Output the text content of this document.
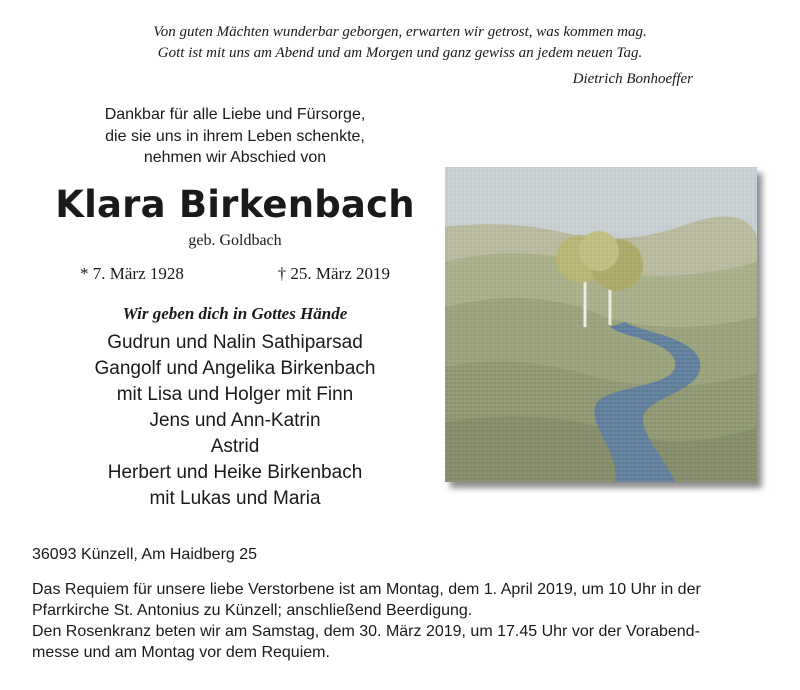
Von guten Mächten wunderbar geborgen, erwarten wir getrost, was kommen mag.
Gott ist mit uns am Abend und am Morgen und ganz gewiss an jedem neuen Tag.
Dietrich Bonhoeffer
Dankbar für alle Liebe und Fürsorge,
die sie uns in ihrem Leben schenkte,
nehmen wir Abschied von
Klara Birkenbach
geb. Goldbach
* 7. März 1928	† 25. März 2019
Wir geben dich in Gottes Hände
Gudrun und Nalin Sathiparsad
Gangolf und Angelika Birkenbach
mit Lisa und Holger mit Finn
Jens und Ann-Katrin
Astrid
Herbert und Heike Birkenbach
mit Lukas und Maria
36093 Künzell, Am Haidberg 25
Das Requiem für unsere liebe Verstorbene ist am Montag, dem 1. April 2019, um 10 Uhr in der
Pfarrkirche St. Antonius zu Künzell; anschließend Beerdigung.
Den Rosenkranz beten wir am Samstag, dem 30. März 2019, um 17.45 Uhr vor der Vorabend-
messe und am Montag vor dem Requiem.
